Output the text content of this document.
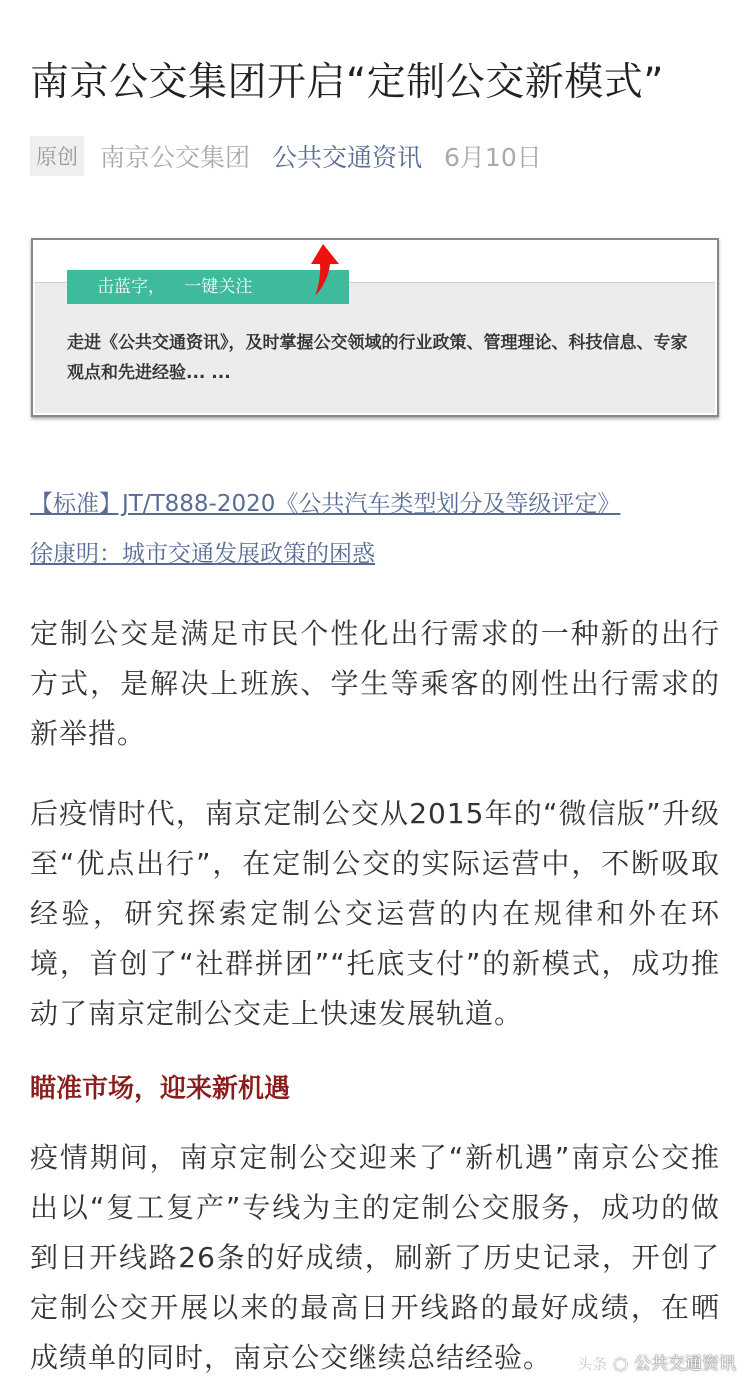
南京公交集团开启“定制公交新模式”
原创 南京公交集团 公共交通资讯 6月10日
击蓝字， 一键关注
走进《公共交通资讯》，及时掌握公交领域的行业政策、管理理论、科技信息、专家观点和先进经验... ...
【标准】JT/T888-2020《公共汽车类型划分及等级评定》
徐康明：城市交通发展政策的困惑
定制公交是满足市民个性化出行需求的一种新的出行方式，是解决上班族、学生等乘客的刚性出行需求的新举措。
后疫情时代，南京定制公交从2015年的“微信版”升级至“优点出行”，在定制公交的实际运营中，不断吸取经验，研究探索定制公交运营的内在规律和外在环境，首创了“社群拼团”“托底支付”的新模式，成功推动了南京定制公交走上快速发展轨道。
瞄准市场，迎来新机遇
疫情期间，南京定制公交迎来了“新机遇”南京公交推出以“复工复产”专线为主的定制公交服务，成功的做到日开线路26条的好成绩，刷新了历史记录，开创了定制公交开展以来的最高日开线路的最好成绩，在晒成绩单的同时，南京公交继续总结经验。	头条 ◌ 公共交通资讯
